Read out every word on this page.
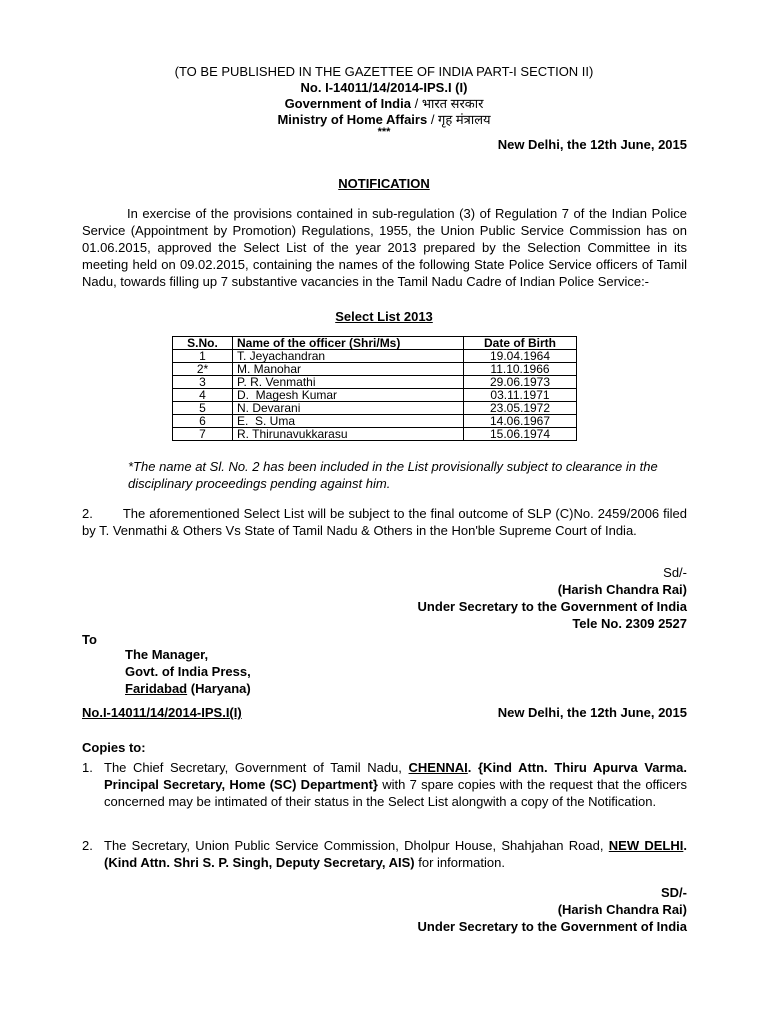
(TO BE PUBLISHED IN THE GAZETTEE OF INDIA PART-I SECTION II)
No. I-14011/14/2014-IPS.I (I)
Government of India / भारत सरकार
Ministry of Home Affairs / गृह मंत्रालय
***
New Delhi, the 12th June, 2015
NOTIFICATION
In exercise of the provisions contained in sub-regulation (3) of Regulation 7 of the Indian Police Service (Appointment by Promotion) Regulations, 1955, the Union Public Service Commission has on 01.06.2015, approved the Select List of the year 2013 prepared by the Selection Committee in its meeting held on 09.02.2015, containing the names of the following State Police Service officers of Tamil Nadu, towards filling up 7 substantive vacancies in the Tamil Nadu Cadre of Indian Police Service:-
Select List 2013
S.No.	Name of the officer (Shri/Ms)	Date of Birth
1	T. Jeyachandran	19.04.1964
2*	M. Manohar	11.10.1966
3	P. R. Venmathi	29.06.1973
4	D.  Magesh Kumar	03.11.1971
5	N. Devarani	23.05.1972
6	E.  S. Uma	14.06.1967
7	R. Thirunavukkarasu	15.06.1974
*The name at Sl. No. 2 has been included in the List provisionally subject to clearance in the disciplinary proceedings pending against him.
2. The aforementioned Select List will be subject to the final outcome of SLP (C)No. 2459/2006 filed by T. Venmathi & Others Vs State of Tamil Nadu & Others in the Hon'ble Supreme Court of India.
Sd/-
(Harish Chandra Rai)
Under Secretary to the Government of India
Tele No. 2309 2527
To
The Manager,
Govt. of India Press,
Faridabad (Haryana)
No.I-14011/14/2014-IPS.I(I)	New Delhi, the 12th June, 2015
Copies to:
1. The Chief Secretary, Government of Tamil Nadu, CHENNAI. {Kind Attn. Thiru Apurva Varma. Principal Secretary, Home (SC) Department} with 7 spare copies with the request that the officers concerned may be intimated of their status in the Select List alongwith a copy of the Notification.
2. The Secretary, Union Public Service Commission, Dholpur House, Shahjahan Road, NEW DELHI. (Kind Attn. Shri S. P. Singh, Deputy Secretary, AIS) for information.
SD/-
(Harish Chandra Rai)
Under Secretary to the Government of India
